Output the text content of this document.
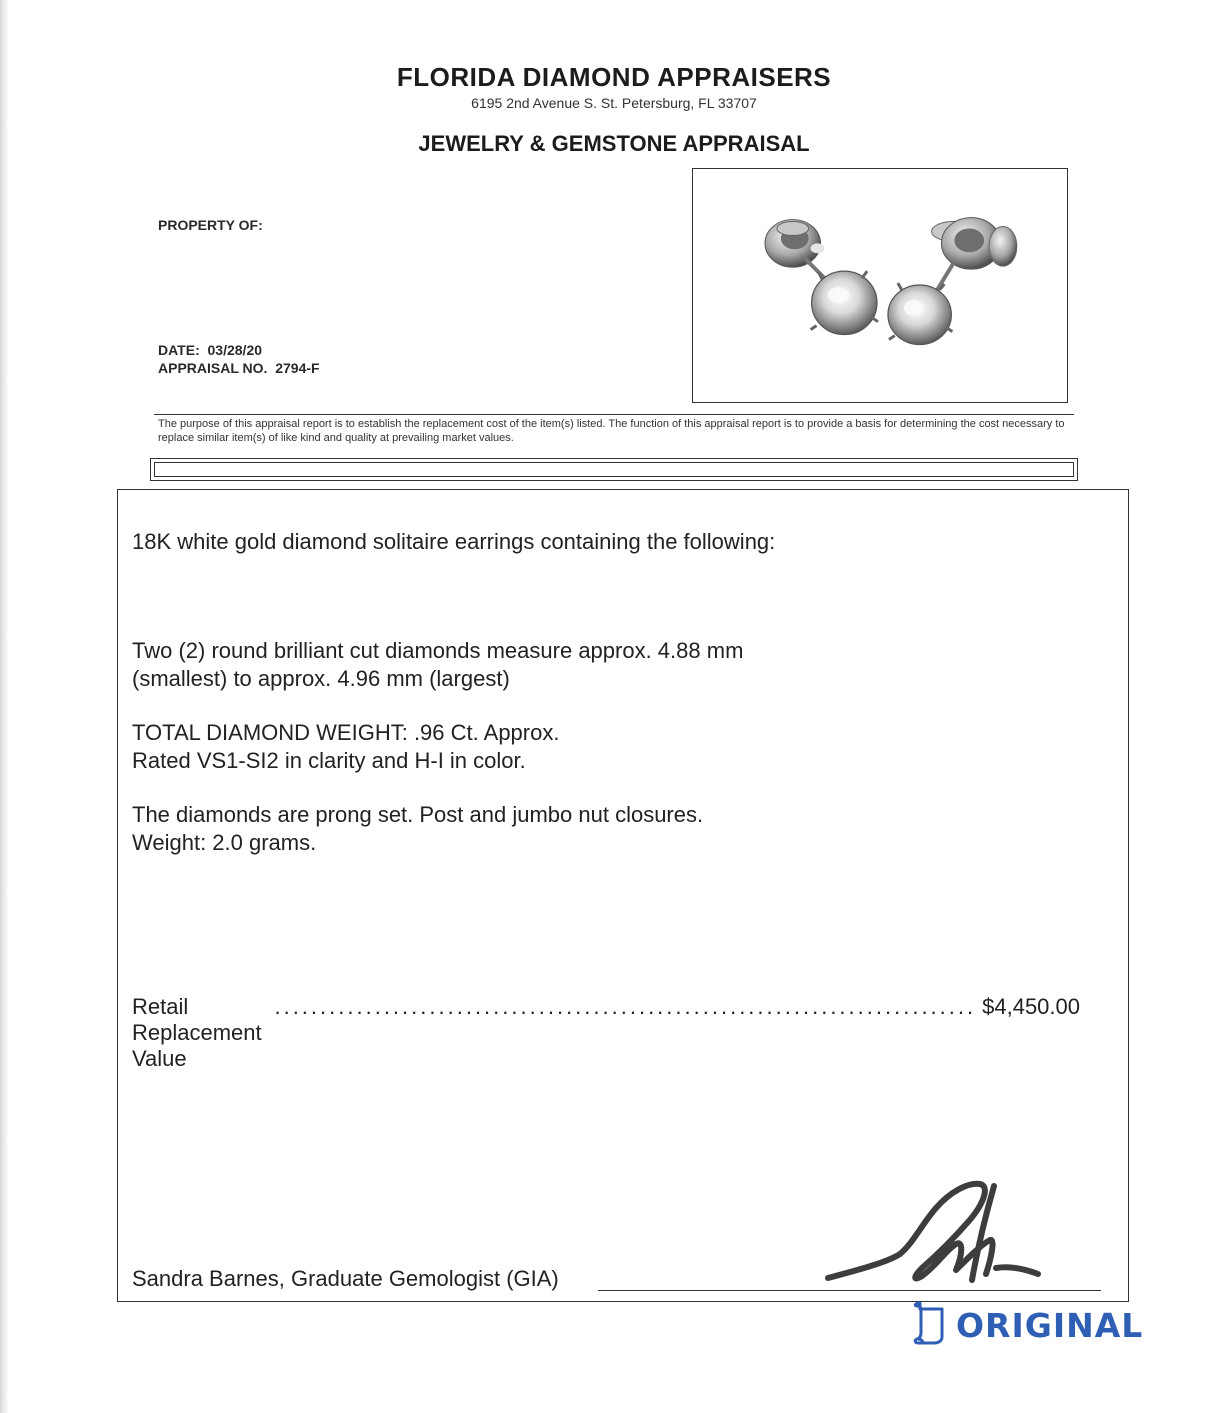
FLORIDA DIAMOND APPRAISERS
6195 2nd Avenue S. St. Petersburg, FL 33707
JEWELRY & GEMSTONE APPRAISAL
PROPERTY OF:
DATE: 03/28/20
APPRAISAL NO. 2794-F
The purpose of this appraisal report is to establish the replacement cost of the item(s) listed. The function of this appraisal report is to provide a basis for determining the cost necessary to replace similar item(s) of like kind and quality at prevailing market values.
18K white gold diamond solitaire earrings containing the following:
Two (2) round brilliant cut diamonds measure approx. 4.88 mm
(smallest) to approx. 4.96 mm (largest)
TOTAL DIAMOND WEIGHT: .96 Ct. Approx.
Rated VS1-SI2 in clarity and H-I in color.
The diamonds are prong set. Post and jumbo nut closures.
Weight: 2.0 grams.
Retail Replacement Value
............................................................................. $4,450.00
Sandra Barnes, Graduate Gemologist (GIA)
ORIGINAL
